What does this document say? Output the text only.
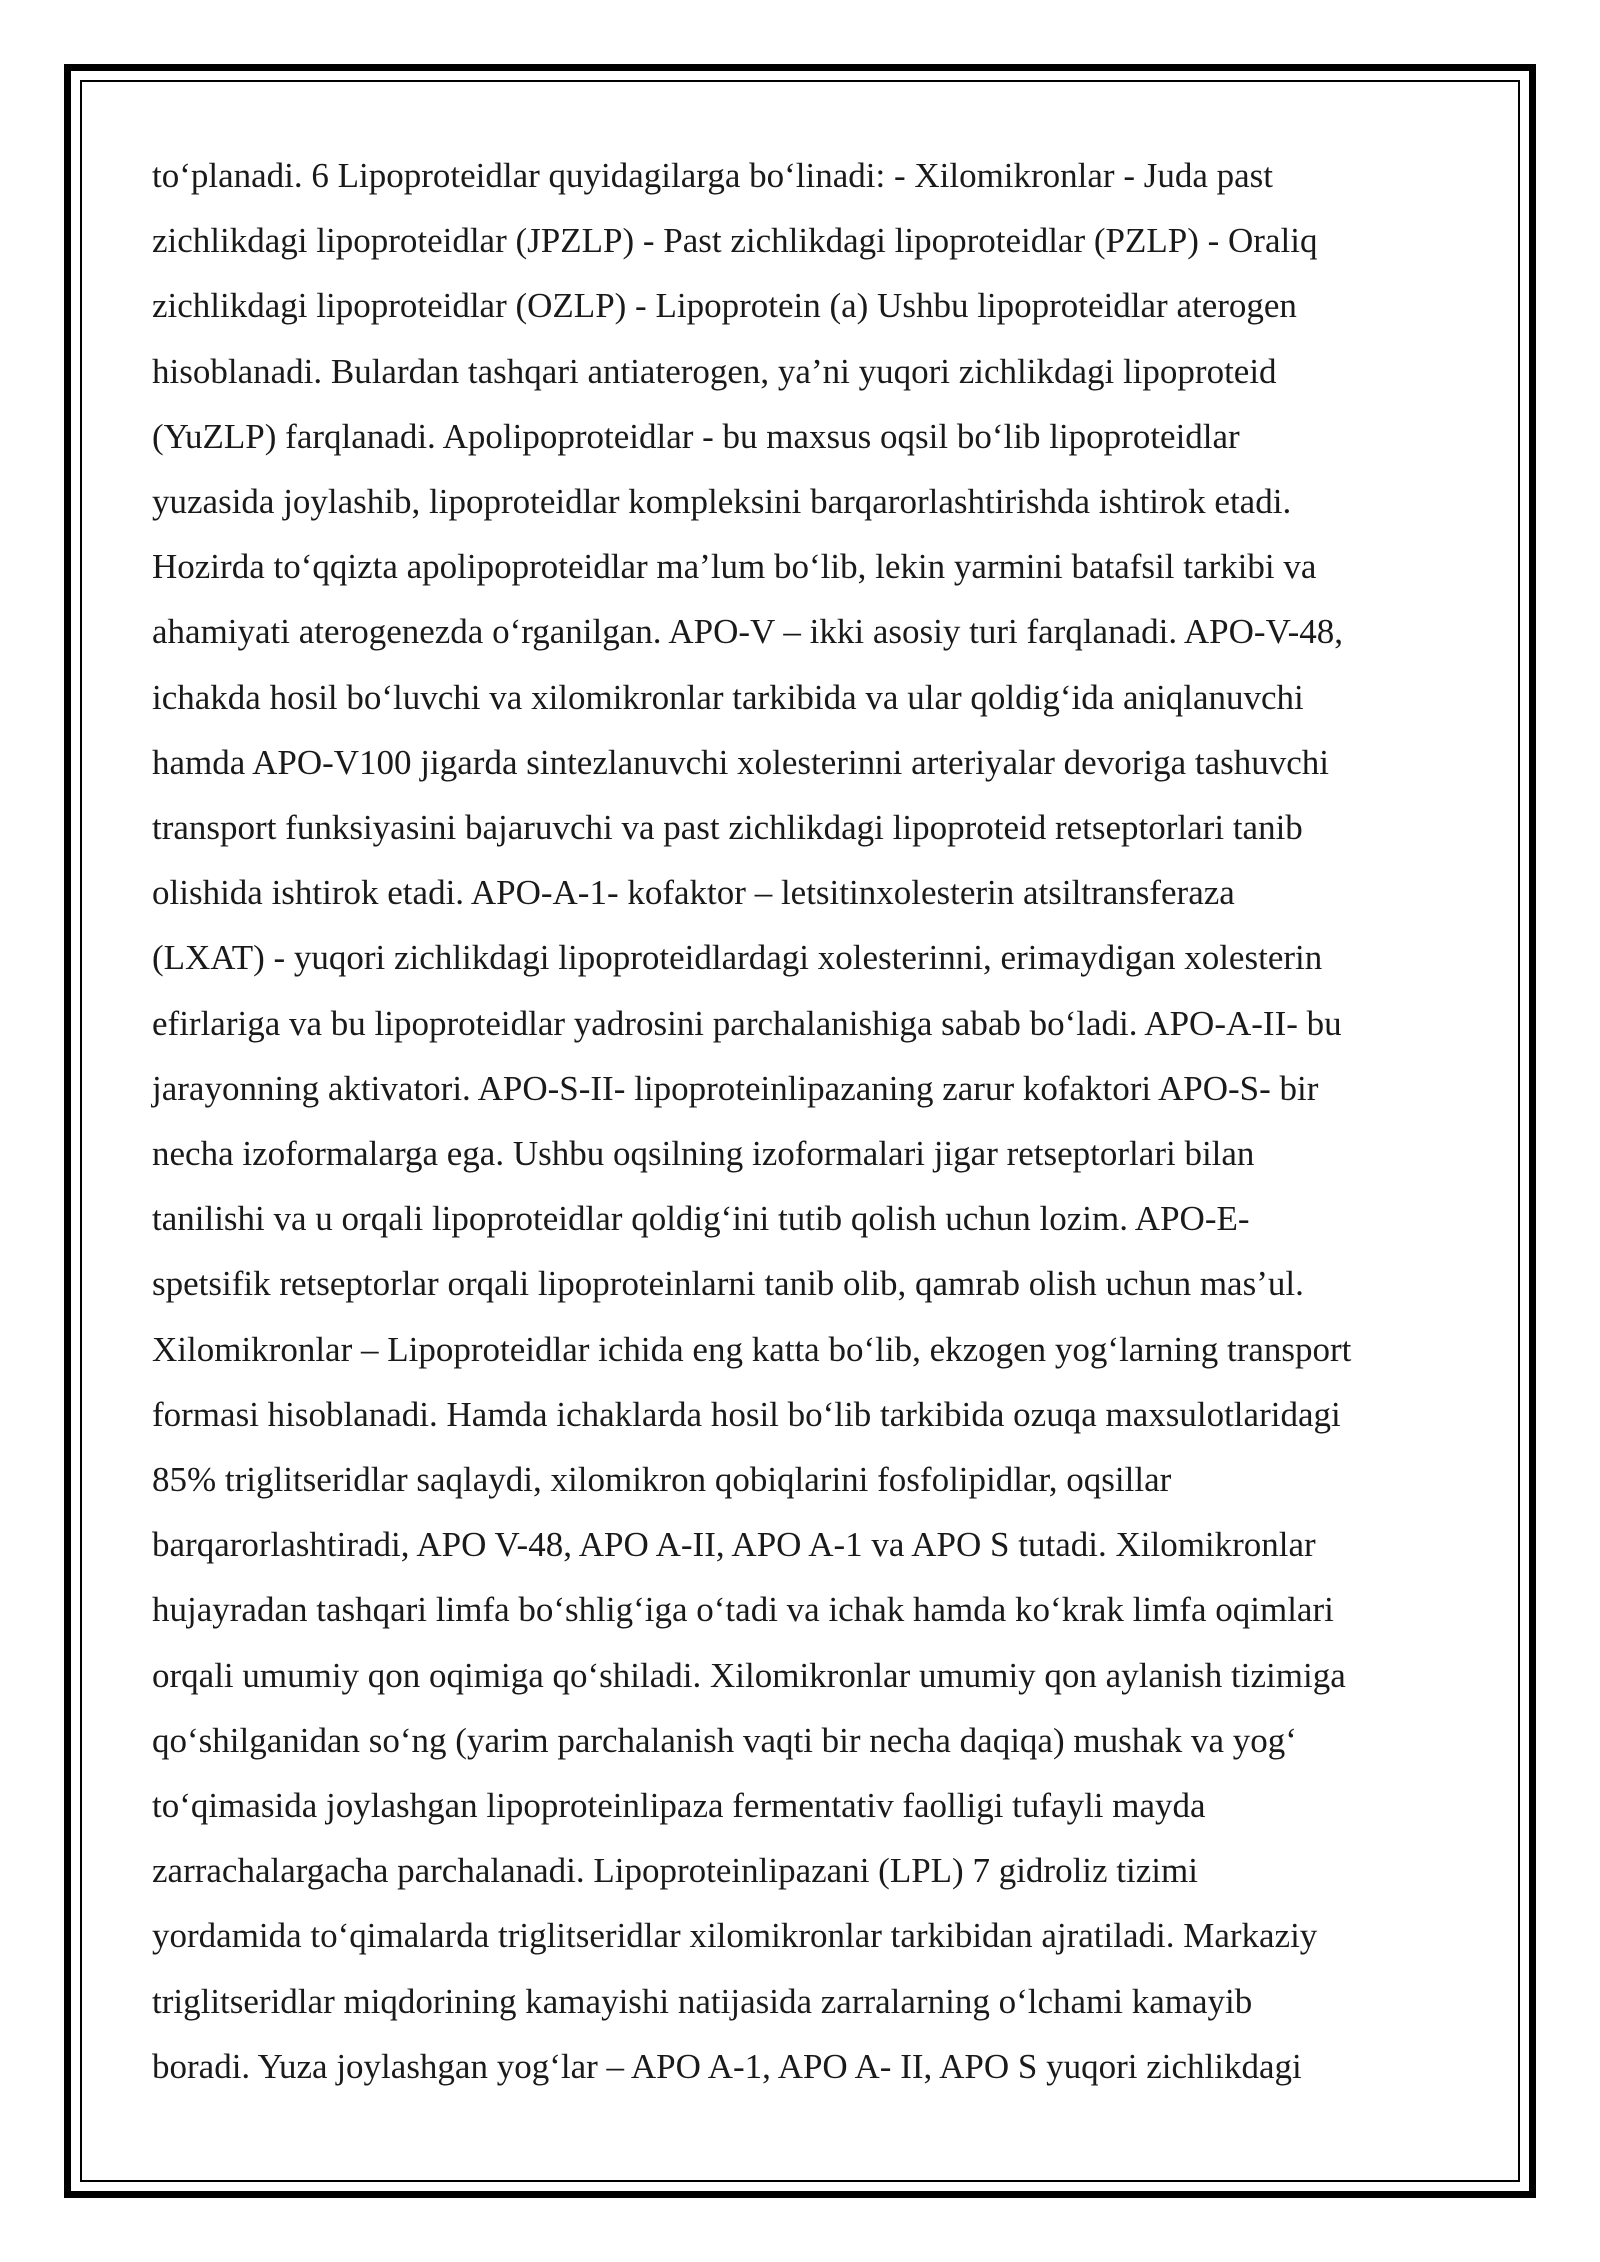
to‘planadi. 6 Lipoproteidlar quyidagilarga bo‘linadi: - Xilomikronlar - Juda past
zichlikdagi lipoproteidlar (JPZLP) - Past zichlikdagi lipoproteidlar (PZLP) - Oraliq
zichlikdagi lipoproteidlar (OZLP) - Lipoprotein (a) Ushbu lipoproteidlar aterogen
hisoblanadi. Bulardan tashqari antiaterogen, ya’ni yuqori zichlikdagi lipoproteid
(YuZLP) farqlanadi. Apolipoproteidlar - bu maxsus oqsil bo‘lib lipoproteidlar
yuzasida joylashib, lipoproteidlar kompleksini barqarorlashtirishda ishtirok etadi.
Hozirda to‘qqizta apolipoproteidlar ma’lum bo‘lib, lekin yarmini batafsil tarkibi va
ahamiyati aterogenezda o‘rganilgan. APO-V – ikki asosiy turi farqlanadi. APO-V-48,
ichakda hosil bo‘luvchi va xilomikronlar tarkibida va ular qoldig‘ida aniqlanuvchi
hamda APO-V100 jigarda sintezlanuvchi xolesterinni arteriyalar devoriga tashuvchi
transport funksiyasini bajaruvchi va past zichlikdagi lipoproteid retseptorlari tanib
olishida ishtirok etadi. APO-A-1- kofaktor – letsitinxolesterin atsiltransferaza
(LXAT) - yuqori zichlikdagi lipoproteidlardagi xolesterinni, erimaydigan xolesterin
efirlariga va bu lipoproteidlar yadrosini parchalanishiga sabab bo‘ladi. APO-A-II- bu
jarayonning aktivatori. APO-S-II- lipoproteinlipazaning zarur kofaktori APO-S- bir
necha izoformalarga ega. Ushbu oqsilning izoformalari jigar retseptorlari bilan
tanilishi va u orqali lipoproteidlar qoldig‘ini tutib qolish uchun lozim. APO-E-
spetsifik retseptorlar orqali lipoproteinlarni tanib olib, qamrab olish uchun mas’ul.
Xilomikronlar – Lipoproteidlar ichida eng katta bo‘lib, ekzogen yog‘larning transport
formasi hisoblanadi. Hamda ichaklarda hosil bo‘lib tarkibida ozuqa maxsulotlaridagi
85% triglitseridlar saqlaydi, xilomikron qobiqlarini fosfolipidlar, oqsillar
barqarorlashtiradi, APO V-48, APO A-II, APO A-1 va APO S tutadi. Xilomikronlar
hujayradan tashqari limfa bo‘shlig‘iga o‘tadi va ichak hamda ko‘krak limfa oqimlari
orqali umumiy qon oqimiga qo‘shiladi. Xilomikronlar umumiy qon aylanish tizimiga
qo‘shilganidan so‘ng (yarim parchalanish vaqti bir necha daqiqa) mushak va yog‘
to‘qimasida joylashgan lipoproteinlipaza fermentativ faolligi tufayli mayda
zarrachalargacha parchalanadi. Lipoproteinlipazani (LPL) 7 gidroliz tizimi
yordamida to‘qimalarda triglitseridlar xilomikronlar tarkibidan ajratiladi. Markaziy
triglitseridlar miqdorining kamayishi natijasida zarralarning o‘lchami kamayib
boradi. Yuza joylashgan yog‘lar – APO A-1, APO A- II, APO S yuqori zichlikdagi
